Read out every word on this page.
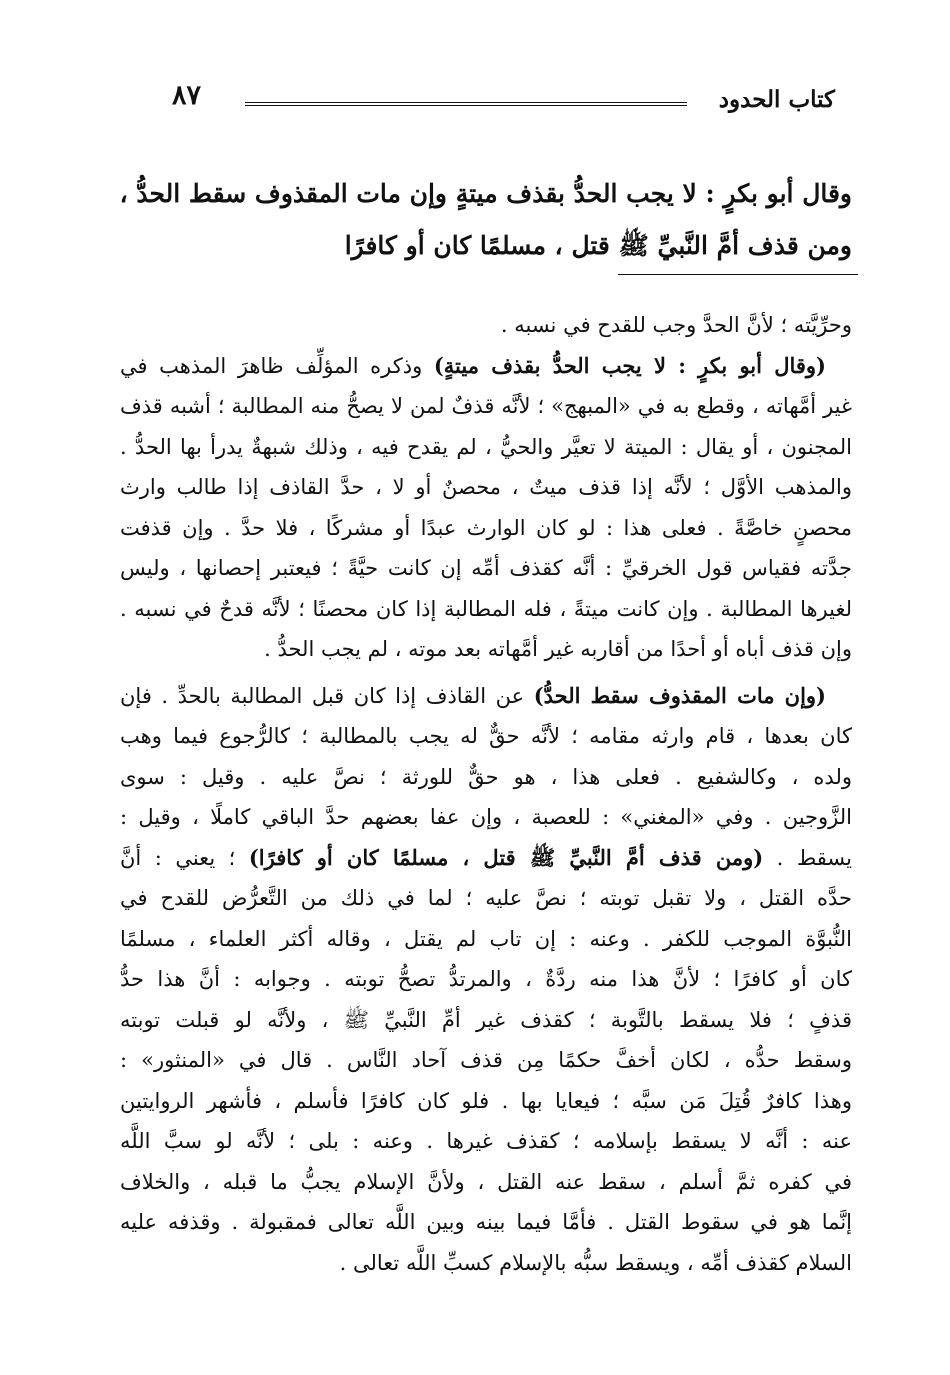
كتاب الحدود
٨٧
وقال أبو بكرٍ : لا يجب الحدُّ بقذف ميتةٍ وإن مات المقذوف سقط الحدُّ ،
ومن قذف أمَّ النَّبيِّ ﷺ قتل ، مسلمًا كان أو كافرًا
وحرِّيَّته ؛ لأنَّ الحدَّ وجب للقدح في نسبه .
(وقال أبو بكرٍ : لا يجب الحدُّ بقذف ميتةٍ) وذكره المؤلِّف ظاهرَ المذهب في
غير أمَّهاته ، وقطع به في «المبهج» ؛ لأنَّه قذفٌ لمن لا يصحُّ منه المطالبة ؛ أشبه قذف
المجنون ، أو يقال : الميتة لا تعيَّر والحيُّ ، لم يقدح فيه ، وذلك شبهةٌ يدرأ بها الحدُّ .
والمذهب الأوَّل ؛ لأنَّه إذا قذف ميتٌ ، محصنٌ أو لا ، حدَّ القاذف إذا طالب وارث
محصنٍ خاصَّةً . فعلى هذا : لو كان الوارث عبدًا أو مشركًا ، فلا حدَّ . وإن قذفت
جدَّته فقياس قول الخرقيِّ : أنَّه كقذف أمِّه إن كانت حيَّةً ؛ فيعتبر إحصانها ، وليس
لغيرها المطالبة . وإن كانت ميتةً ، فله المطالبة إذا كان محصنًا ؛ لأنَّه قدحٌ في نسبه .
وإن قذف أباه أو أحدًا من أقاربه غير أمَّهاته بعد موته ، لم يجب الحدُّ .
(وإن مات المقذوف سقط الحدُّ) عن القاذف إذا كان قبل المطالبة بالحدِّ . فإن
كان بعدها ، قام وارثه مقامه ؛ لأنَّه حقٌّ له يجب بالمطالبة ؛ كالرُّجوع فيما وهب
ولده ، وكالشفيع . فعلى هذا ، هو حقٌّ للورثة ؛ نصَّ عليه . وقيل : سوى
الزَّوجين . وفي «المغني» : للعصبة ، وإن عفا بعضهم حدَّ الباقي كاملًا ، وقيل :
يسقط . (ومن قذف أمَّ النَّبيِّ ﷺ قتل ، مسلمًا كان أو كافرًا) ؛ يعني : أنَّ
حدَّه القتل ، ولا تقبل توبته ؛ نصَّ عليه ؛ لما في ذلك من التَّعرُّض للقدح في
النُّبوَّة الموجب للكفر . وعنه : إن تاب لم يقتل ، وقاله أكثر العلماء ، مسلمًا
كان أو كافرًا ؛ لأنَّ هذا منه ردَّةٌ ، والمرتدُّ تصحُّ توبته . وجوابه : أنَّ هذا حدُّ
قذفٍ ؛ فلا يسقط بالتَّوبة ؛ كقذف غير أمِّ النَّبيِّ ﷺ ، ولأنَّه لو قبلت توبته
وسقط حدُّه ، لكان أخفَّ حكمًا مِن قذف آحاد النَّاس . قال في «المنثور» :
وهذا كافرٌ قُتِلَ مَن سبَّه ؛ فيعايا بها . فلو كان كافرًا فأسلم ، فأشهر الروايتين
عنه : أنَّه لا يسقط بإسلامه ؛ كقذف غيرها . وعنه : بلى ؛ لأنَّه لو سبَّ اللَّه
في كفره ثمَّ أسلم ، سقط عنه القتل ، ولأنَّ الإسلام يجبُّ ما قبله ، والخلاف
إنَّما هو في سقوط القتل . فأمَّا فيما بينه وبين اللَّه تعالى فمقبولة . وقذفه عليه
السلام كقذف أمِّه ، ويسقط سبُّه بالإسلام كسبِّ اللَّه تعالى .
